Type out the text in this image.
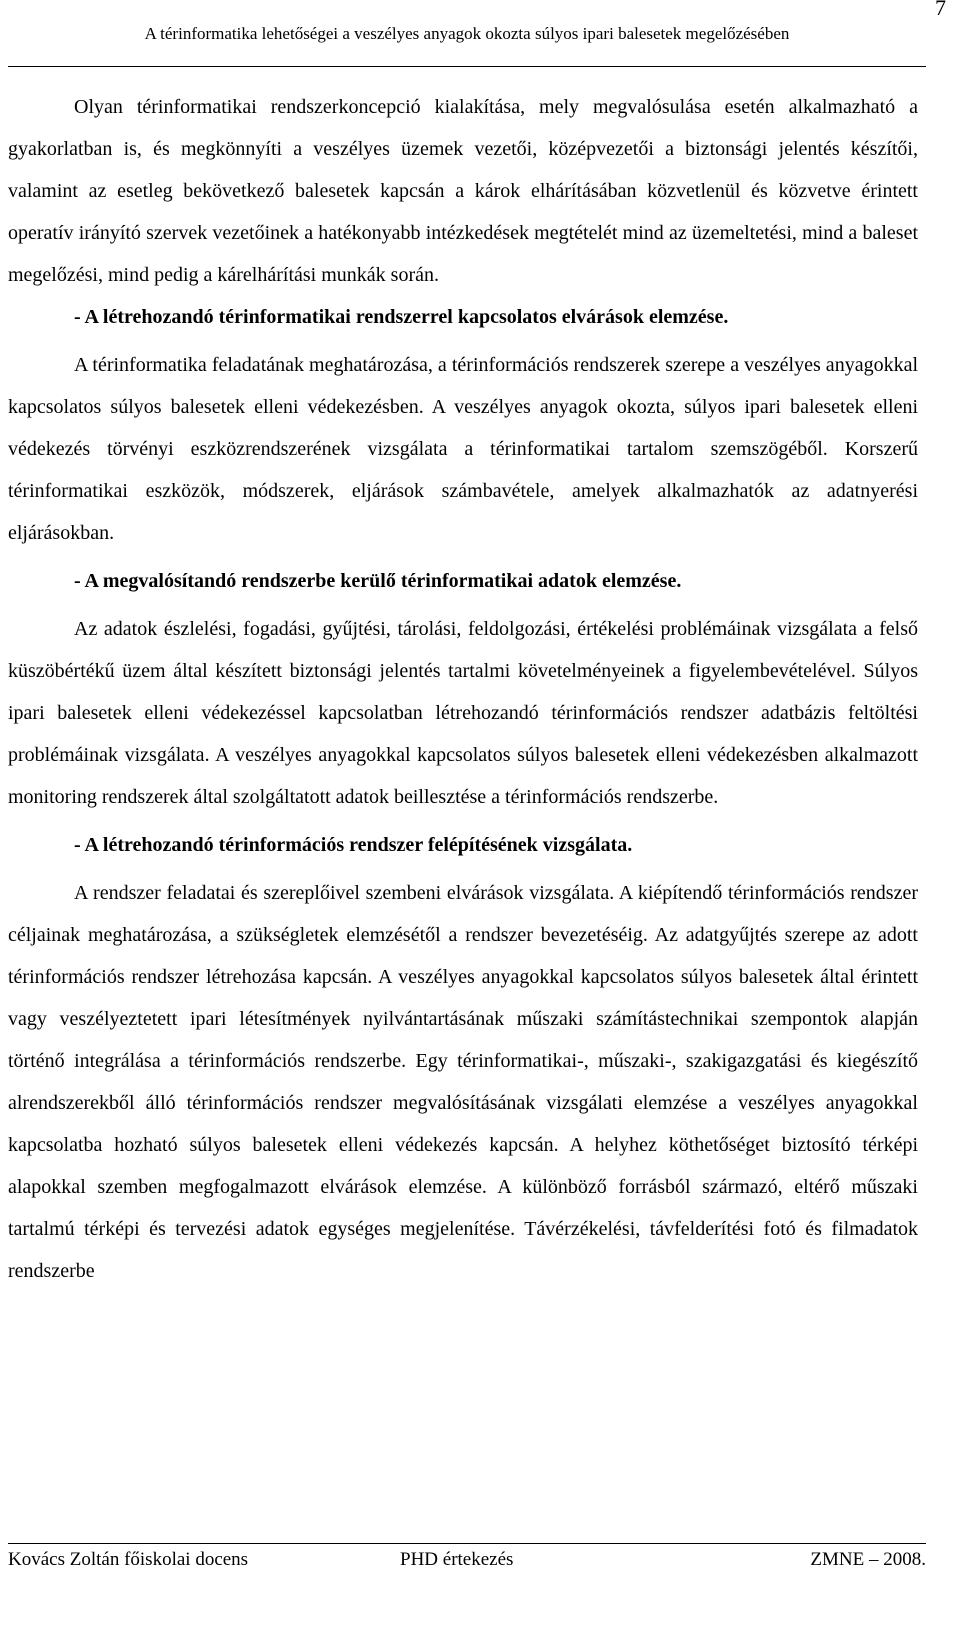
7
A térinformatika lehetőségei a veszélyes anyagok okozta súlyos ipari balesetek megelőzésében

Olyan térinformatikai rendszerkoncepció kialakítása, mely megvalósulása esetén alkalmazható a gyakorlatban is, és megkönnyíti a veszélyes üzemek vezetői, középvezetői a biztonsági jelentés készítői, valamint az esetleg bekövetkező balesetek kapcsán a károk elhárításában közvetlenül és közvetve érintett operatív irányító szervek vezetőinek a hatékonyabb intézkedések megtételét mind az üzemeltetési, mind a baleset megelőzési, mind pedig a kárelhárítási munkák során.

- A létrehozandó térinformatikai rendszerrel kapcsolatos elvárások elemzése.

A térinformatika feladatának meghatározása, a térinformációs rendszerek szerepe a veszélyes anyagokkal kapcsolatos súlyos balesetek elleni védekezésben. A veszélyes anyagok okozta, súlyos ipari balesetek elleni védekezés törvényi eszközrendszerének vizsgálata a térinformatikai tartalom szemszögéből. Korszerű térinformatikai eszközök, módszerek, eljárások számbavétele, amelyek alkalmazhatók az adatnyerési eljárásokban.

- A megvalósítandó rendszerbe kerülő térinformatikai adatok elemzése.

Az adatok észlelési, fogadási, gyűjtési, tárolási, feldolgozási, értékelési problémáinak vizsgálata a felső küszöbértékű üzem által készített biztonsági jelentés tartalmi követelményeinek a figyelembevételével. Súlyos ipari balesetek elleni védekezéssel kapcsolatban létrehozandó térinformációs rendszer adatbázis feltöltési problémáinak vizsgálata. A veszélyes anyagokkal kapcsolatos súlyos balesetek elleni védekezésben alkalmazott monitoring rendszerek által szolgáltatott adatok beillesztése a térinformációs rendszerbe.

- A létrehozandó térinformációs rendszer felépítésének vizsgálata.

A rendszer feladatai és szereplőivel szembeni elvárások vizsgálata. A kiépítendő térinformációs rendszer céljainak meghatározása, a szükségletek elemzésétől a rendszer bevezetéséig. Az adatgyűjtés szerepe az adott térinformációs rendszer létrehozása kapcsán. A veszélyes anyagokkal kapcsolatos súlyos balesetek által érintett vagy veszélyeztetett ipari létesítmények nyilvántartásának műszaki számítástechnikai szempontok alapján történő integrálása a térinformációs rendszerbe. Egy térinformatikai-, műszaki-, szakigazgatási és kiegészítő alrendszerekből álló térinformációs rendszer megvalósításának vizsgálati elemzése a veszélyes anyagokkal kapcsolatba hozható súlyos balesetek elleni védekezés kapcsán. A helyhez köthetőséget biztosító térképi alapokkal szemben megfogalmazott elvárások elemzése. A különböző forrásból származó, eltérő műszaki tartalmú térképi és tervezési adatok egységes megjelenítése. Távérzékelési, távfelderítési fotó és filmadatok rendszerbe

Kovács Zoltán főiskolai docens	PHD értekezés	ZMNE – 2008.
